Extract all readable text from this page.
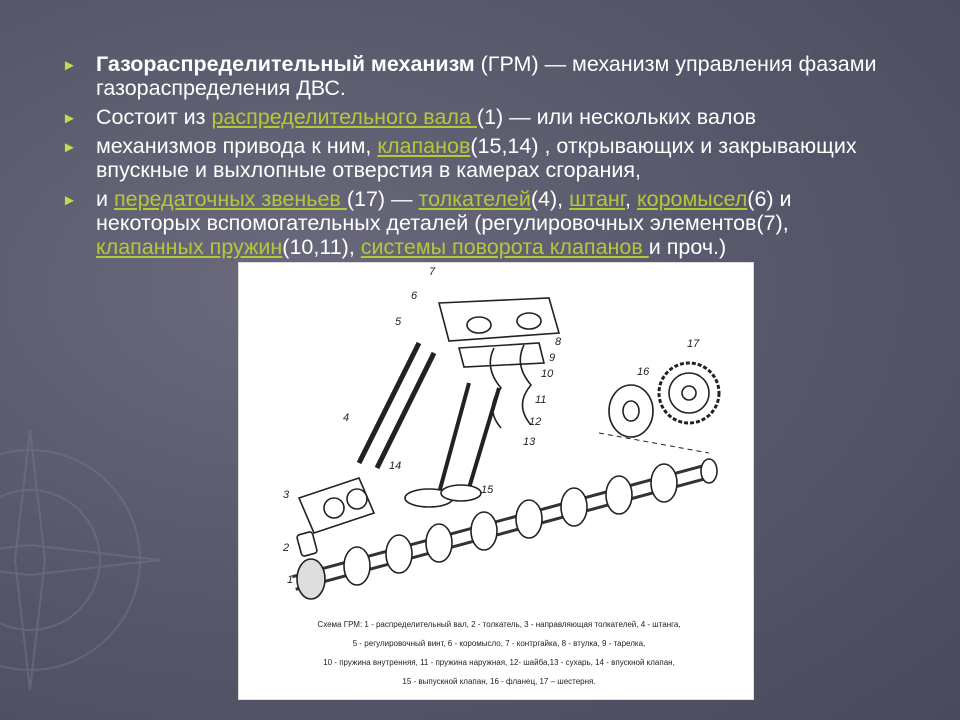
► Газораспределительный механизм (ГРМ) — механизм управления фазами газораспределения ДВС.
► Состоит из распределительного вала (1) — или нескольких валов
► механизмов привода к ним, клапанов(15,14) , открывающих и закрывающих впускные и выхлопные отверстия в камерах сгорания,
► и передаточных звеньев (17) — толкателей(4), штанг, коромысел(6) и некоторых вспомогательных деталей (регулировочных элементов(7), клапанных пружин(10,11), системы поворота клапанов и проч.)
1
2
3
4
5
6
7
8
9
10
11
12
13
14
15
16
17
Схема ГРМ: 1 - распределительный вал, 2 - толкатель, 3 - направляющая толкателей, 4 - штанга,
5 - регулировочный винт, 6 - коромысло, 7 - контргайка, 8 - втулка, 9 - тарелка,
10 - пружина внутренняя, 11 - пружина наружная, 12- шайба,13 - сухарь, 14 - впускной клапан,
15 - выпускной клапан, 16 - фланец, 17 – шестерня.
